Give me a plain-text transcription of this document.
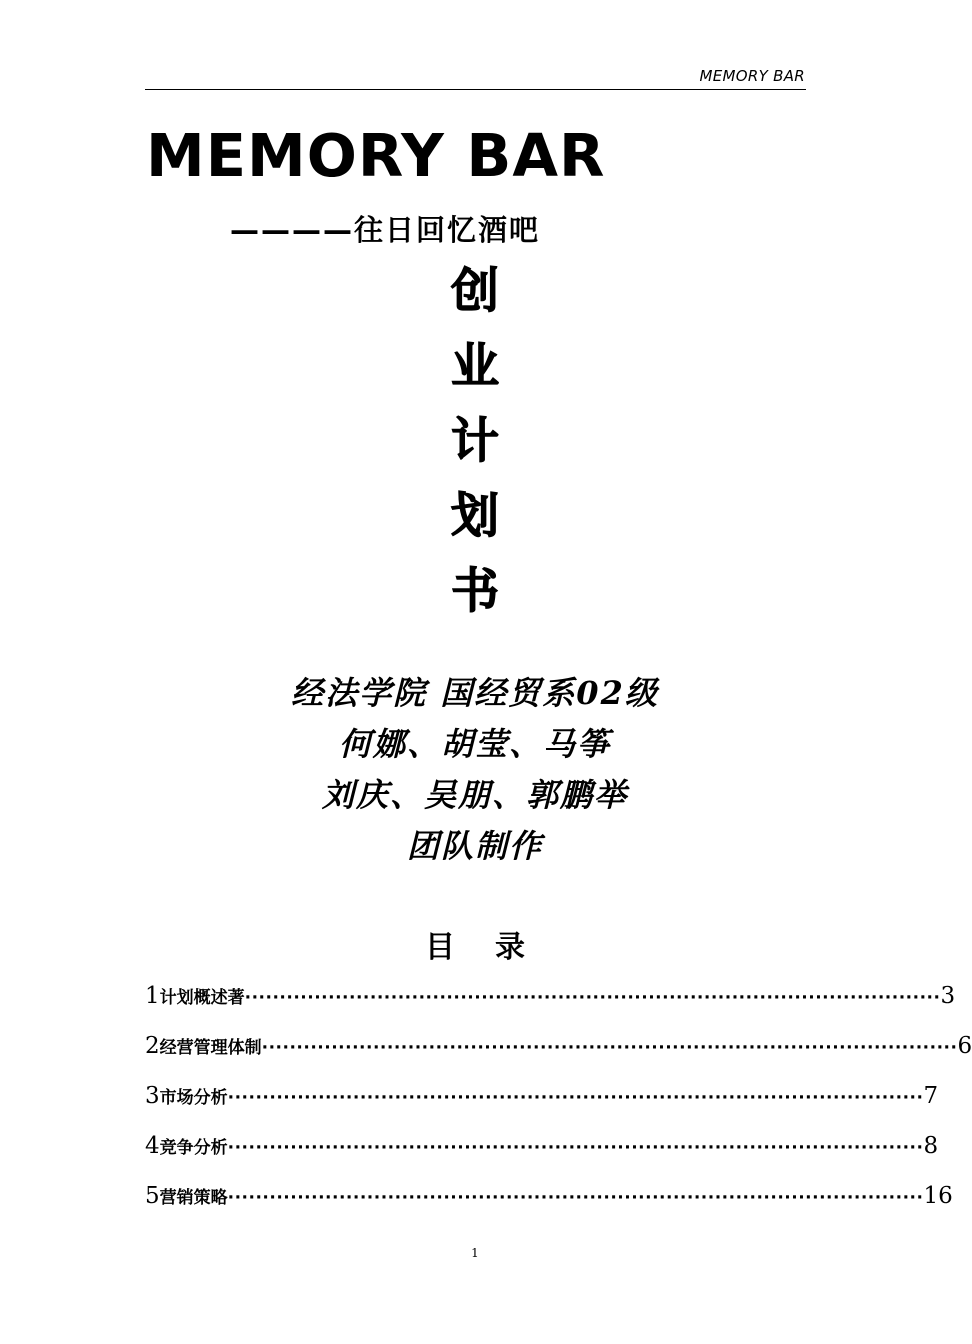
MEMORY BAR
MEMORY BAR
————往日回忆酒吧
创
业
计
划
书
经法学院 国经贸系02级
何娜、胡莹、马筝
刘庆、吴朋、郭鹏举
团队制作
目录
1 计划概述著 ···································································································· 3
2 经营管理体制 ···································································································· 6
3 市场分析 ···································································································· 7
4 竞争分析 ···································································································· 8
5 营销策略 ···································································································· 16
1
